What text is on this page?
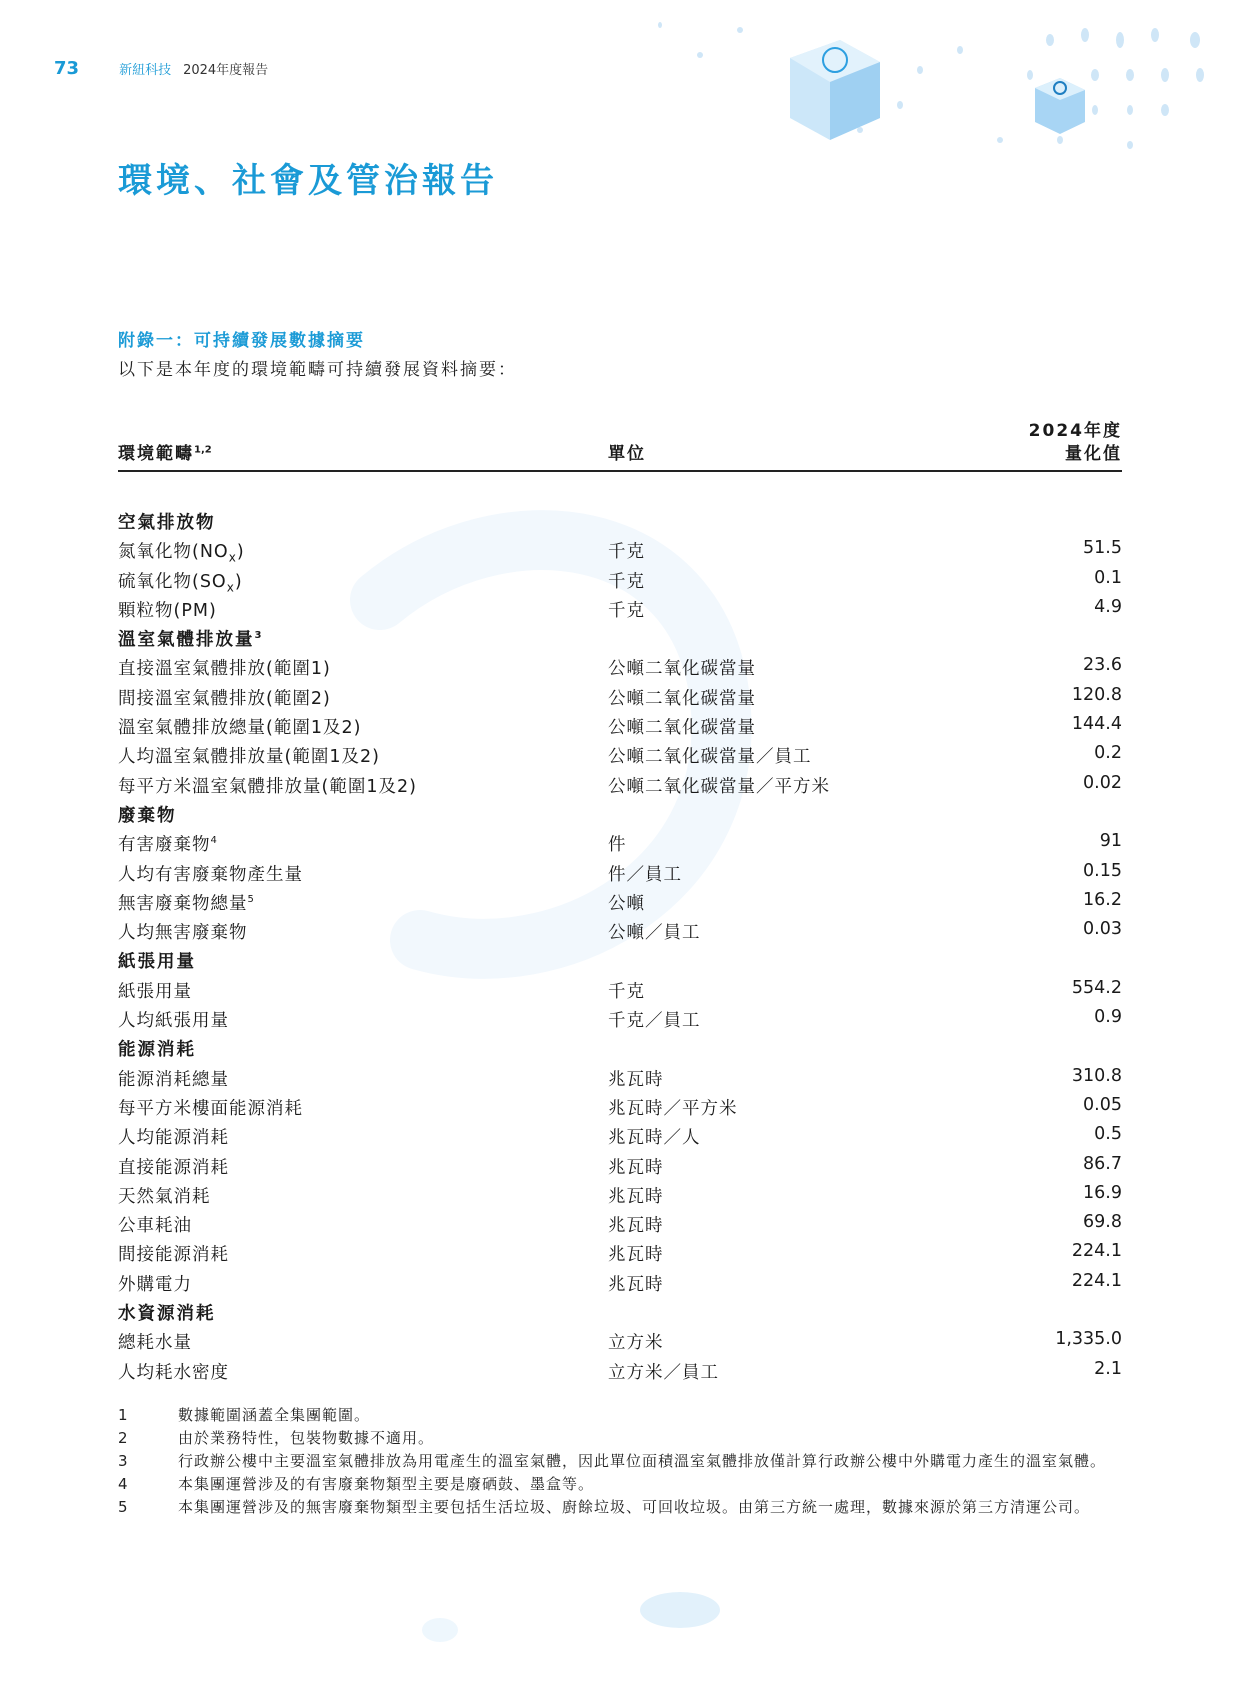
73	新紐科技 2024年度報告
環境、社會及管治報告
附錄一：可持續發展數據摘要
以下是本年度的環境範疇可持續發展資料摘要：
環境範疇$^{1,2}$	單位
2024年度
量化值
空氣排放物
氮氧化物$(NO_x)$	千克	51.5
硫氧化物$(SO_x)$	千克	0.1
顆粒物(PM)	千克	4.9
溫室氣體排放量$^3$
直接溫室氣體排放(範圍1)	公噸二氧化碳當量	23.6
間接溫室氣體排放(範圍2)	公噸二氧化碳當量	120.8
溫室氣體排放總量(範圍1及2)	公噸二氧化碳當量	144.4
人均溫室氣體排放量(範圍1及2)	公噸二氧化碳當量／員工	0.2
每平方米溫室氣體排放量(範圍1及2)	公噸二氧化碳當量／平方米	0.02
廢棄物
有害廢棄物$^4$	件	91
人均有害廢棄物產生量	件／員工	0.15
無害廢棄物總量$^5$	公噸	16.2
人均無害廢棄物	公噸／員工	0.03
紙張用量
紙張用量	千克	554.2
人均紙張用量	千克／員工	0.9
能源消耗
能源消耗總量	兆瓦時	310.8
每平方米樓面能源消耗	兆瓦時／平方米	0.05
人均能源消耗	兆瓦時／人	0.5
直接能源消耗	兆瓦時	86.7
天然氣消耗	兆瓦時	16.9
公車耗油	兆瓦時	69.8
間接能源消耗	兆瓦時	224.1
外購電力	兆瓦時	224.1
水資源消耗
總耗水量	立方米	1,335.0
人均耗水密度	立方米／員工	2.1
1	數據範圍涵蓋全集團範圍。
2	由於業務特性，包裝物數據不適用。
3	行政辦公樓中主要溫室氣體排放為用電產生的溫室氣體，因此單位面積溫室氣體排放僅計算行政辦公樓中外購電力產生的溫室氣體。
4	本集團運營涉及的有害廢棄物類型主要是廢硒鼓、墨盒等。
5	本集團運營涉及的無害廢棄物類型主要包括生活垃圾、廚餘垃圾、可回收垃圾。由第三方統一處理，數據來源於第三方清運公司。
